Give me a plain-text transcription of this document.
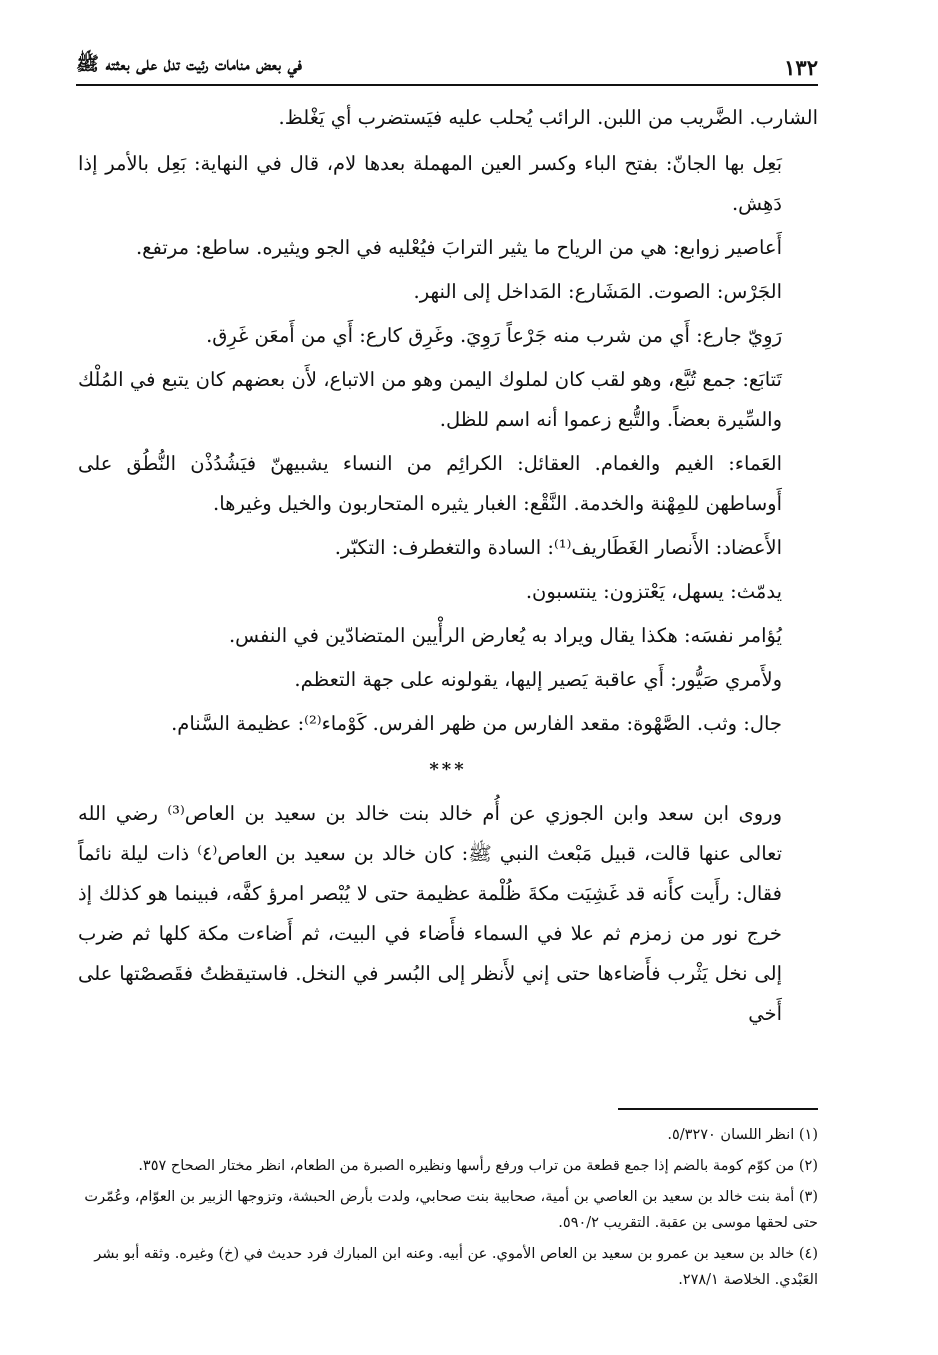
١٣٢
في بعض منامات رئيت تدل على بعثته ﷺ

الشارب. الضَّريب من اللبن. الرائب يُحلب عليه فيَستضرب أي يَغْلظ.

بَعِل بها الجانّ: بفتح الباء وكسر العين المهملة بعدها لام، قال في النهاية: بَعِل بالأمر إذا دَهِش.

أَعاصير زوابع: هي من الرياح ما يثير الترابَ فيُعْليه في الجو ويثيره. ساطع: مرتفع.

الجَرْس: الصوت. المَشَارع: المَداخل إلى النهر.

رَوِيّ جارع: أَي من شرب منه جَرْعاً رَوِيَ. وغَرِق كارع: أَي من أَمعَن غَرِق.

تَتابَع: جمع تُبَّع، وهو لقب كان لملوك اليمن وهو من الاتباع، لأَن بعضهم كان يتبع في المُلْك والسِّيرة بعضاً. والتُّبع زعموا أنه اسم للظل.

العَماء: الغيم والغمام. العقائل: الكرائِم من النساء يشبيهنّ فيَشُدُذْن النُّطُق على أَوساطهن للمِهْنة والخدمة. النَّقْع: الغبار يثيره المتحاربون والخيل وغيرها.

الأَعضاد: الأَنصار الغَطَاريف⁽¹⁾: السادة والتغطرف: التكبّر.

يدمّث: يسهل، يَعْتزون: ينتسبون.

يُؤامر نفسَه: هكذا يقال ويراد به يُعارض الرأْيين المتضادّين في النفس.

ولأَمري صَيُّور: أَي عاقبة يَصير إليها، يقولونه على جهة التعظم.

جال: وثب. الصَّهْوة: مقعد الفارس من ظهر الفرس. كَوْماء⁽²⁾: عظيمة السَّنام.

***

وروى ابن سعد وابن الجوزي عن أُم خالد بنت خالد بن سعيد بن العاص⁽³⁾ رضي الله تعالى عنها قالت، قبيل مَبْعث النبي ﷺ: كان خالد بن سعيد بن العاص⁽٤⁾ ذات ليلة نائماً فقال: رأَيت كأَنه قد غَشِيَت مكةَ ظُلْمة عظيمة حتى لا يُبْصر امرؤ كفَّه، فبينما هو كذلك إذ خرج نور من زمزم ثم علا في السماء فأَضاء في البيت، ثم أَضاءت مكة كلها ثم ضرب إلى نخل يَثْرب فأَضاءها حتى إني لأَنظر إلى البُسر في النخل. فاستيقظتُ فقَصصْتها على أَخي

(١) انظر اللسان ٥/٣٢٧٠.

(٢) من كوّم كومة بالضم إذا جمع قطعة من تراب ورفع رأسها ونظيره الصبرة من الطعام، انظر مختار الصحاح ٣٥٧.

(٣) أمة بنت خالد بن سعيد بن العاصي بن أمية، صحابية بنت صحابي، ولدت بأرض الحبشة، وتزوجها الزبير بن العوّام، وعُمّرت حتى لحقها موسى بن عقبة. التقريب ٥٩٠/٢.

(٤) خالد بن سعيد بن عمرو بن سعيد بن العاص الأموي. عن أبيه. وعنه ابن المبارك فرد حديث في (خ) وغيره. وثقه أبو بشر العَبْدي. الخلاصة ٢٧٨/١.
